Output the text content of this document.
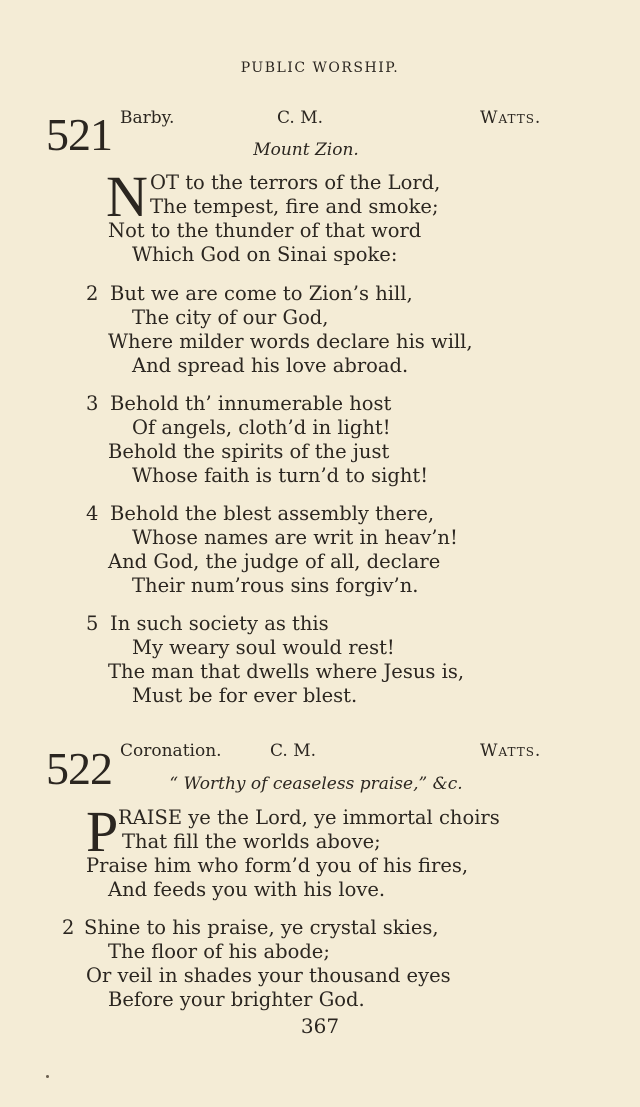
PUBLIC WORSHIP.
521 Barby.	C. M.	Watts.
Mount Zion.
N OT to the terrors of the Lord,
The tempest, fire and smoke;
Not to the thunder of that word
Which God on Sinai spoke:
2 But we are come to Zion’s hill,
The city of our God,
Where milder words declare his will,
And spread his love abroad.
3 Behold th’ innumerable host
Of angels, cloth’d in light!
Behold the spirits of the just
Whose faith is turn’d to sight!
4 Behold the blest assembly there,
Whose names are writ in heav’n!
And God, the judge of all, declare
Their num’rous sins forgiv’n.
5 In such society as this
My weary soul would rest!
The man that dwells where Jesus is,
Must be for ever blest.
522 Coronation.	C. M.	Watts.
“ Worthy of ceaseless praise,” &c.
P RAISE ye the Lord, ye immortal choirs
That fill the worlds above;
Praise him who form’d you of his fires,
And feeds you with his love.
2 Shine to his praise, ye crystal skies,
The floor of his abode;
Or veil in shades your thousand eyes
Before your brighter God.
367
